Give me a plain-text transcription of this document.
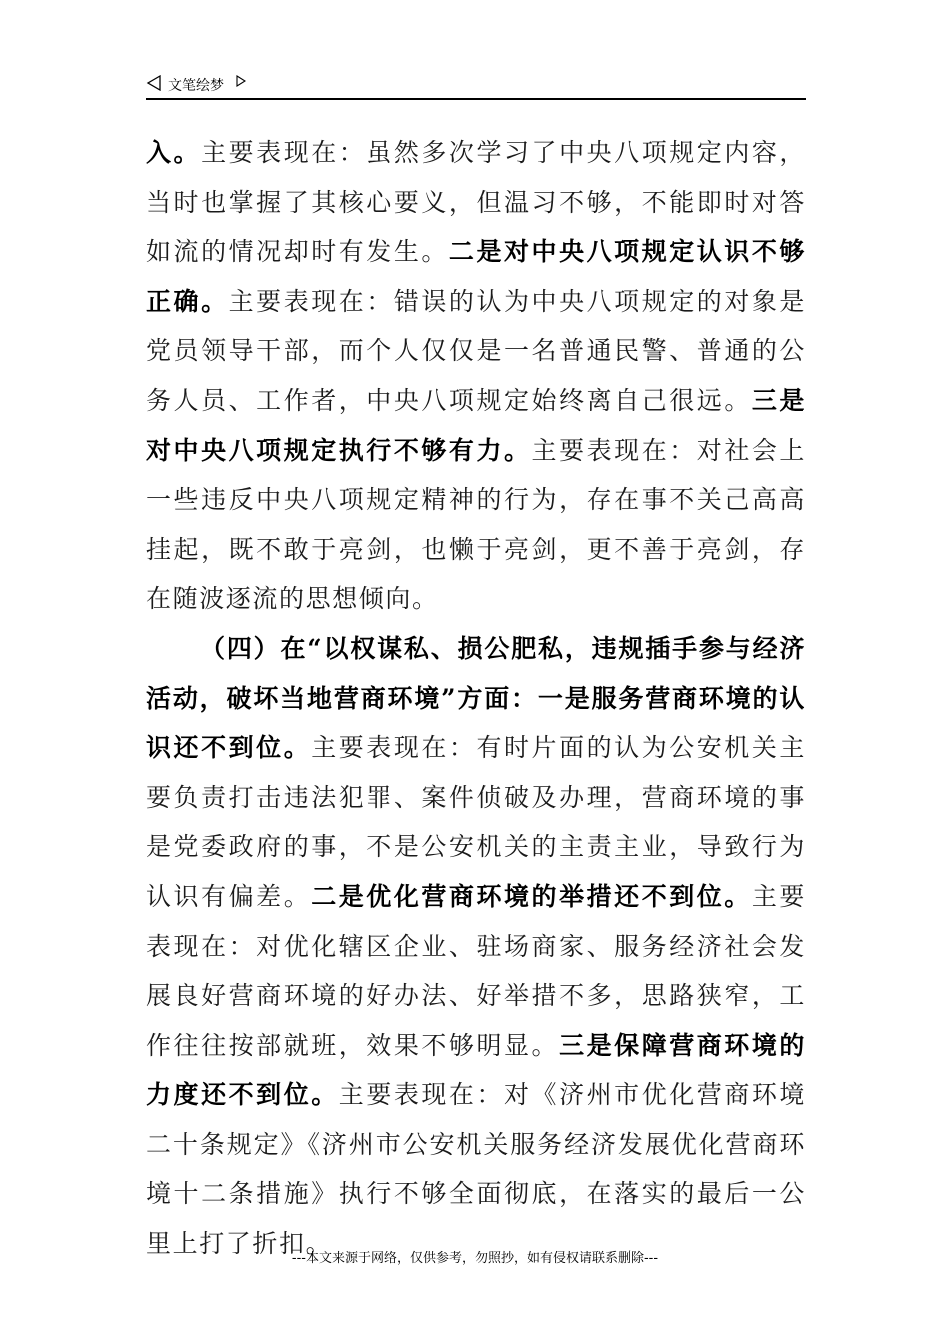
文笔绘梦

入。主要表现在：虽然多次学习了中央八项规定内容，当时也掌握了其核心要义，但温习不够，不能即时对答如流的情况却时有发生。二是对中央八项规定认识不够正确。主要表现在：错误的认为中央八项规定的对象是党员领导干部，而个人仅仅是一名普通民警、普通的公务人员、工作者，中央八项规定始终离自己很远。三是对中央八项规定执行不够有力。主要表现在：对社会上一些违反中央八项规定精神的行为，存在事不关己高高挂起，既不敢于亮剑，也懒于亮剑，更不善于亮剑，存在随波逐流的思想倾向。

（四）在“以权谋私、损公肥私，违规插手参与经济活动，破坏当地营商环境”方面：一是服务营商环境的认识还不到位。主要表现在：有时片面的认为公安机关主要负责打击违法犯罪、案件侦破及办理，营商环境的事是党委政府的事，不是公安机关的主责主业，导致行为认识有偏差。二是优化营商环境的举措还不到位。主要表现在：对优化辖区企业、驻场商家、服务经济社会发展良好营商环境的好办法、好举措不多，思路狭窄，工作往往按部就班，效果不够明显。三是保障营商环境的力度还不到位。主要表现在：对《济州市优化营商环境二十条规定》《济州市公安机关服务经济发展优化营商环境十二条措施》执行不够全面彻底，在落实的最后一公里上打了折扣。

---本文来源于网络，仅供参考，勿照抄，如有侵权请联系删除---
